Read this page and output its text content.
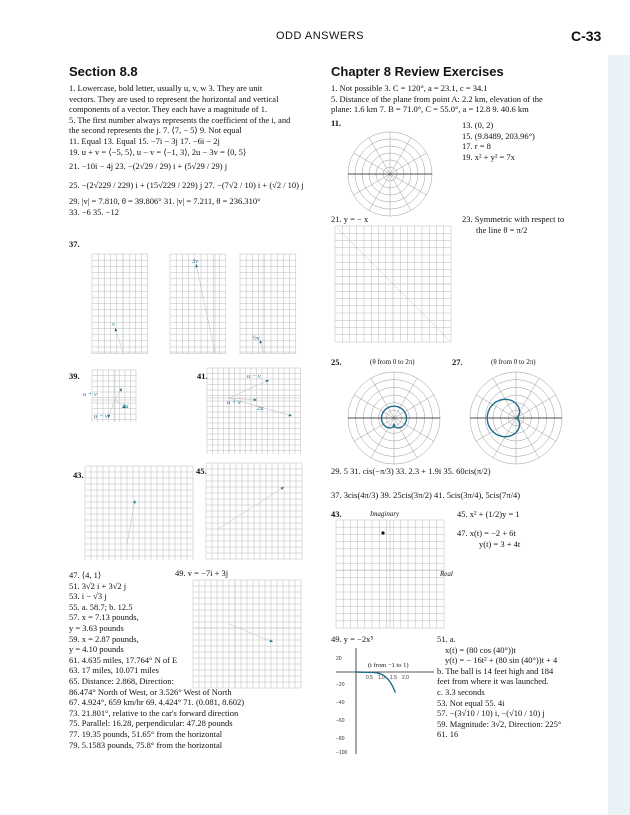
ODD ANSWERS	C-33
Section 8.8

1. Lowercase, bold letter, usually u, v, w 3. They are unit

vectors. They are used to represent the horizontal and vertical

components of a vector. They each have a magnitude of 1.

5. The first number always represents the coefficient of the i, and

the second represents the j. 7. ⟨7, − 5⟩ 9. Not equal

11. Equal 13. Equal 15. −7i − 3j 17. −6i − 2j

19. u + v = ⟨−5, 5⟩, u − v = ⟨−1, 3⟩, 2u − 3v = ⟨0, 5⟩

21. −10i − 4j 23. −(2√29 / 29) i + (5√29 / 29) j

25. −(2√229 / 229) i + (15√229 / 229) j 27. −(7√2 / 10) i + (√2 / 10) j

29. |v| = 7.810, θ = 39.806° 31. |v| = 7.211, θ = 236.310°

33. −6 35. −12

37.
v
3v
½v
39.
u + v
2u
u − v
41.	u − v
u + v
2u
43.	45.

47. ⟨4, 1⟩

51. 3√2 i + 3√2 j

53. i − √3 j

55. a. 58.7; b. 12.5

57. x = 7.13 pounds,

y = 3.63 pounds

59. x = 2.87 pounds,

y = 4.10 pounds

61. 4.635 miles, 17.764° N of E

63. 17 miles, 10.071 miles

65. Distance: 2.868, Direction:

86.474° North of West, or 3.526° West of North

67. 4.924°, 659 km/hr 69. 4.424° 71. (0.081, 8.602)

73. 21.801°, relative to the car's forward direction

75. Parallel: 16.28, perpendicular: 47.28 pounds

77. 19.35 pounds, 51.65° from the horizontal

79. 5.1583 pounds, 75.8° from the horizontal

49. v = −7i + 3j
Chapter 8 Review Exercises

1. Not possible 3. C = 120°, a = 23.1, c = 34.1

5. Distance of the plane from point A: 2.2 km, elevation of the

plane: 1.6 km 7. B = 71.0°, C = 55.0°, a = 12.8 9. 40.6 km

11.	13. (0, 2)

15. (9.8489, 203.96°)

17. r = 8

19. x² + y² = 7x

21. y = − x	23. Symmetric with respect to

the line θ = π/2

25.	(θ from 0 to 2π)	27.	(θ from 0 to 2π)
29. 5 31. cis(−π/3) 33. 2.3 + 1.9i 35. 60cis(π/2)
37. 3cis(4π/3) 39. 25cis(3π/2) 41. 5cis(3π/4), 5cis(7π/4)
43.	Imaginary
Real
45. x² + (1/2)y = 1

47. x(t) = −2 + 6t

y(t) = 3 + 4t

49. y = −2x⁵
20
−20
−40
−60
−80
−100
0.5 1.0 1.5 2.0
(t from −1 to 1)

51. a.

x(t) = (80 cos (40°))t

y(t) = − 16t² + (80 sin (40°))t + 4

b. The ball is 14 feet high and 184

feet from where it was launched.

c. 3.3 seconds

53. Not equal 55. 4i

57. −(3√10 / 10) i, −(√10 / 10) j

59. Magnitude: 3√2, Direction: 225°

61. 16
